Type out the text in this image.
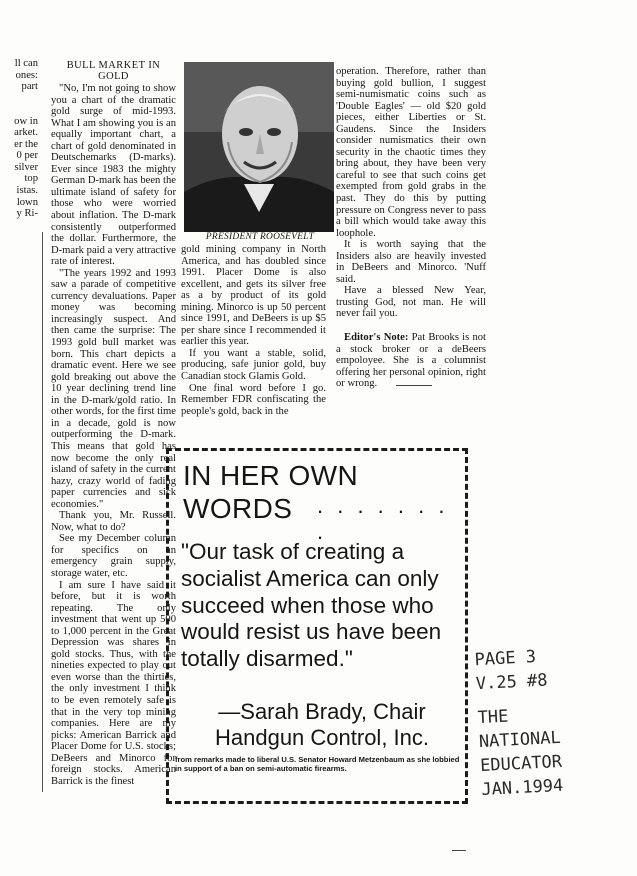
ll can
ones:
part

ow in
arket.
er the
0 per
silver
top
istas.
lown
y Ri-
BULL MARKET IN
GOLD

"No, I'm not going to show you a chart of the dramatic gold surge of mid-1993. What I am showing you is an equally important chart, a chart of gold denominated in Deutschemarks (D-marks). Ever since 1983 the mighty German D-mark has been the ultimate island of safety for those who were worried about inflation. The D-mark consistently outperformed the dollar. Furthermore, the D-mark paid a very attractive rate of interest.

"The years 1992 and 1993 saw a parade of competitive currency devaluations. Paper money was becoming increasingly suspect. And then came the surprise: The 1993 gold bull market was born. This chart depicts a dramatic event. Here we see gold breaking out above the 10 year declining trend line in the D-mark/gold ratio. In other words, for the first time in a decade, gold is now outperforming the D-mark. This means that gold has now become the only real island of safety in the current hazy, crazy world of fading paper currencies and sick economies."

Thank you, Mr. Russell. Now, what to do?

See my December column for specifics on an emergency grain supply, storage water, etc.

I am sure I have said it before, but it is worth repeating. The only investment that went up 500 to 1,000 percent in the Great Depression was shares in gold stocks. Thus, with the nineties expected to play out even worse than the thirties, the only investment I think to be even remotely safe is that in the very top mining companies. Here are my picks: American Barrick and Placer Dome for U.S. stocks; DeBeers and Minorco for foreign stocks. American Barrick is the finest

PRESIDENT ROOSEVELT

gold mining company in North America, and has doubled since 1991. Placer Dome is also excellent, and gets its silver free as a by product of its gold mining. Minorco is up 50 percent since 1991, and DeBeers is up $5 per share since I recommended it earlier this year.

If you want a stable, solid, producing, safe junior gold, buy Canadian stock Glamis Gold.

One final word before I go. Remember FDR confiscating the people's gold, back in the

operation. Therefore, rather than buying gold bullion, I suggest semi-numismatic coins such as 'Double Eagles' — old $20 gold pieces, either Liberties or St. Gaudens. Since the Insiders consider numismatics their own security in the chaotic times they bring about, they have been very careful to see that such coins get exempted from gold grabs in the past. They do this by putting pressure on Congress never to pass a bill which would take away this loophole.

It is worth saying that the Insiders also are heavily invested in DeBeers and Minorco. 'Nuff said.

Have a blessed New Year, trusting God, not man. He will never fail you.

Editor's Note: Pat Brooks is not a stock broker or a deBeers empoloyee. She is a columnist offering her personal opinion, right or wrong.

IN HER OWN
WORDS	. . . . . . . .
"Our task of creating a socialist America can only succeed when those who would resist us have been totally disarmed."
—Sarah Brady, Chair
Handgun Control, Inc.
from remarks made to liberal U.S. Senator Howard Metzenbaum as she lobbied in support of a ban on semi-automatic firearms.
PAGE 3
V.25 #8
THE
NATIONAL
EDUCATOR
JAN.1994
